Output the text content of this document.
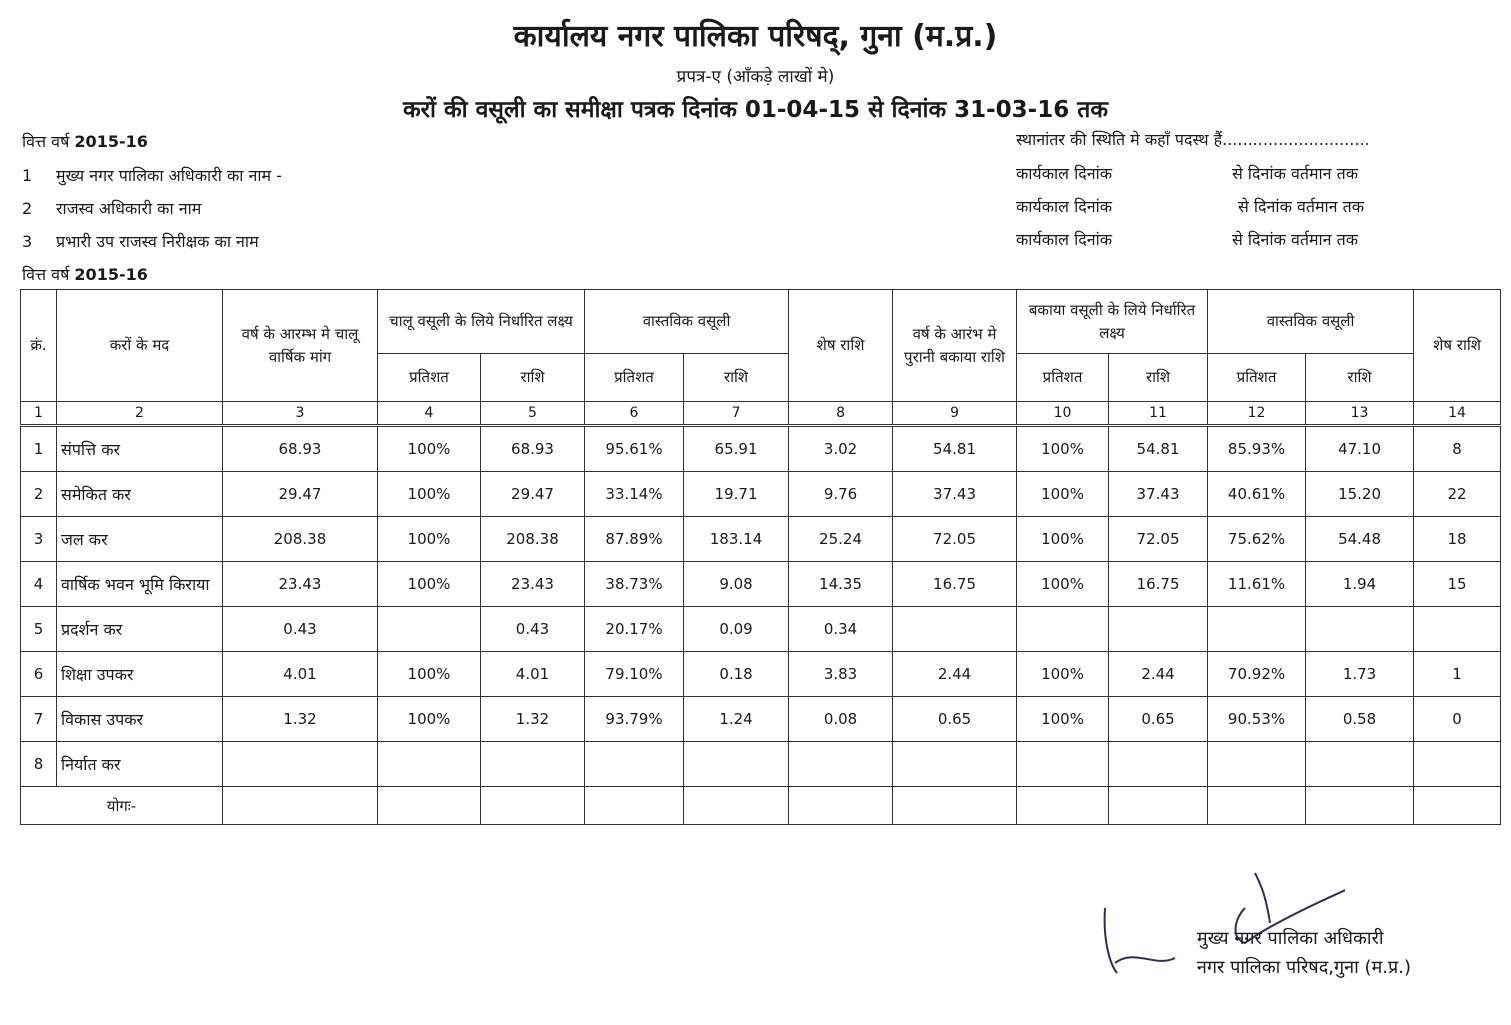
कार्यालय नगर पालिका परिषद्, गुना (म.प्र.)
प्रपत्र-ए (आँकड़े लाखों मे)
करों की वसूली का समीक्षा पत्रक दिनांक 01-04-15 से दिनांक 31-03-16 तक
वित्त वर्ष 2015-16
1 मुख्य नगर पालिका अधिकारी का नाम -
2 राजस्व अधिकारी का नाम
3 प्रभारी उप राजस्व निरीक्षक का नाम
वित्त वर्ष 2015-16
स्थानांतर की स्थिति मे कहाँ पदस्थ हैं.............................
कार्यकाल दिनांक	से दिनांक वर्तमान तक
कार्यकाल दिनांक	से दिनांक वर्तमान तक
कार्यकाल दिनांक	से दिनांक वर्तमान तक
क्रं.	करों के मद	वर्ष के आरम्भ मे चालू वार्षिक मांग	चालू वसूली के लिये निर्धारित लक्ष्य		वास्तविक वसूली		शेष राशि	वर्ष के आरंभ मे पुरानी बकाया राशि	बकाया वसूली के लिये निर्धारित लक्ष्य		वास्तविक वसूली		शेष राशि
			प्रतिशत	राशि	प्रतिशत	राशि			प्रतिशत	राशि	प्रतिशत	राशि	
1	2	3	4	5	6	7	8	9	10	11	12	13	14
1	संपत्ति कर	68.93	100%	68.93	95.61%	65.91	3.02	54.81	100%	54.81	85.93%	47.10	8
2	समेकित कर	29.47	100%	29.47	33.14%	19.71	9.76	37.43	100%	37.43	40.61%	15.20	22
3	जल कर	208.38	100%	208.38	87.89%	183.14	25.24	72.05	100%	72.05	75.62%	54.48	18
4	वार्षिक भवन भूमि किराया	23.43	100%	23.43	38.73%	9.08	14.35	16.75	100%	16.75	11.61%	1.94	15
5	प्रदर्शन कर	0.43		0.43	20.17%	0.09	0.34						
6	शिक्षा उपकर	4.01	100%	4.01	79.10%	0.18	3.83	2.44	100%	2.44	70.92%	1.73	1
7	विकास उपकर	1.32	100%	1.32	93.79%	1.24	0.08	0.65	100%	0.65	90.53%	0.58	0
8	निर्यात कर												
योगः-													
मुख्य नगर पालिका अधिकारी
नगर पालिका परिषद,गुना (म.प्र.)
